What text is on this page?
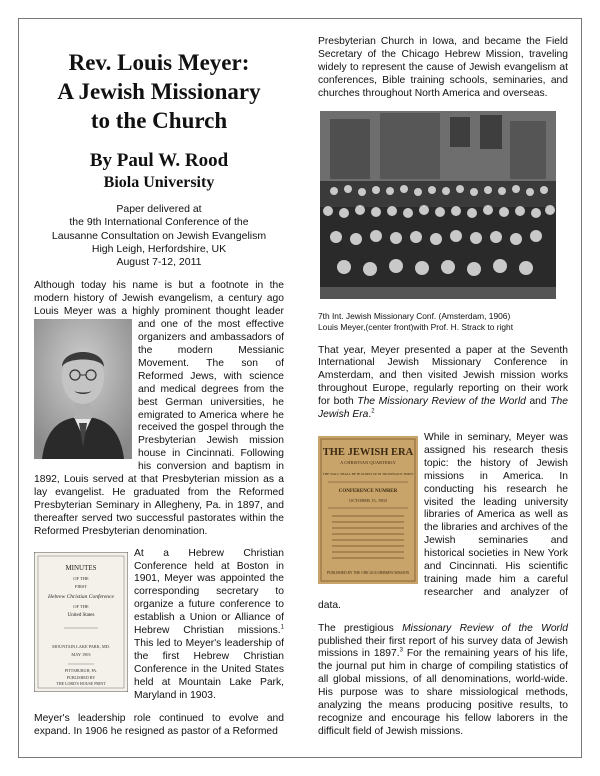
Rev. Louis Meyer:
A Jewish Missionary
to the Church
By Paul W. Rood
Biola University
Paper delivered at
the 9th International Conference of the
Lausanne Consultation on Jewish Evangelism
High Leigh, Herfordshire, UK
August 7-12, 2011

Although today his name is but a footnote in the modern history of Jewish evangelism, a century ago Louis Meyer was a highly prominent thought leader
and one of the most effective organizers and ambassadors of the modern Messianic Movement. The son of Reformed Jews, with science and medical degrees from the best German universities, he emigrated to America where he received the gospel through the Presbyterian Jewish mission house in Cincinnati. Following his conversion and baptism in 1892, Louis served at that Presbyterian mission as a lay evangelist. He graduated from the Reformed Presbyterian Seminary in Allegheny, Pa. in 1897, and thereafter served two successful pastorates within the Reformed Presbyterian denomination.

MINUTES
OF THE
FIRST
Hebrew Christian Conference
OF THE
United States
MOUNTAIN LAKE PARK, MD.
MAY 1903
PITTSBURGH, PA.
PUBLISHED BY
THE LORD'S HOUSE PRINT
At a Hebrew Christian Conference held at Boston in 1901, Meyer was appointed the corresponding secretary to organize a future conference to establish a Union or Alliance of Hebrew Christian missions.$^1$ This led to Meyer's leadership of the first Hebrew Christian Conference in the United States held at Mountain Lake Park, Maryland in 1903.

Meyer's leadership role continued to evolve and expand. In 1906 he resigned as pastor of a Reformed

Presbyterian Church in Iowa, and became the Field Secretary of the Chicago Hebrew Mission, traveling widely to represent the cause of Jewish evangelism at conferences, Bible training schools, seminaries, and churches throughout North America and overseas.

7th Int. Jewish Missionary Conf. (Amsterdam, 1906)
Louis Meyer,(center front)with Prof. H. Strack to right

That year, Meyer presented a paper at the Seventh International Jewish Missionary Conference in Amsterdam, and then visited Jewish mission works throughout Europe, regularly reporting on their work for both The Missionary Review of the World and The Jewish Era.$^2$

THE JEWISH ERA
A CHRISTIAN QUARTERLY
THE WALL SHALL BE BUILDED UP IN TROUBLOUS TIMES
CONFERENCE NUMBER
OCTOBER 15, 1903
PUBLISHED BY THE CHICAGO HEBREW MISSION
While in seminary, Meyer was assigned his research thesis topic: the history of Jewish missions in America. In conducting his research he visited the leading university libraries of America as well as the libraries and archives of the Jewish seminaries and historical societies in New York and Cincinnati. His scientific training made him a careful researcher and analyzer of data.

The prestigious Missionary Review of the World published their first report of his survey data of Jewish missions in 1897.$^3$ For the remaining years of his life, the journal put him in charge of compiling statistics of all global missions, of all denominations, world-wide. His purpose was to share missiological methods, analyzing the means producing positive results, to recognize and encourage his fellow laborers in the difficult field of Jewish missions.
